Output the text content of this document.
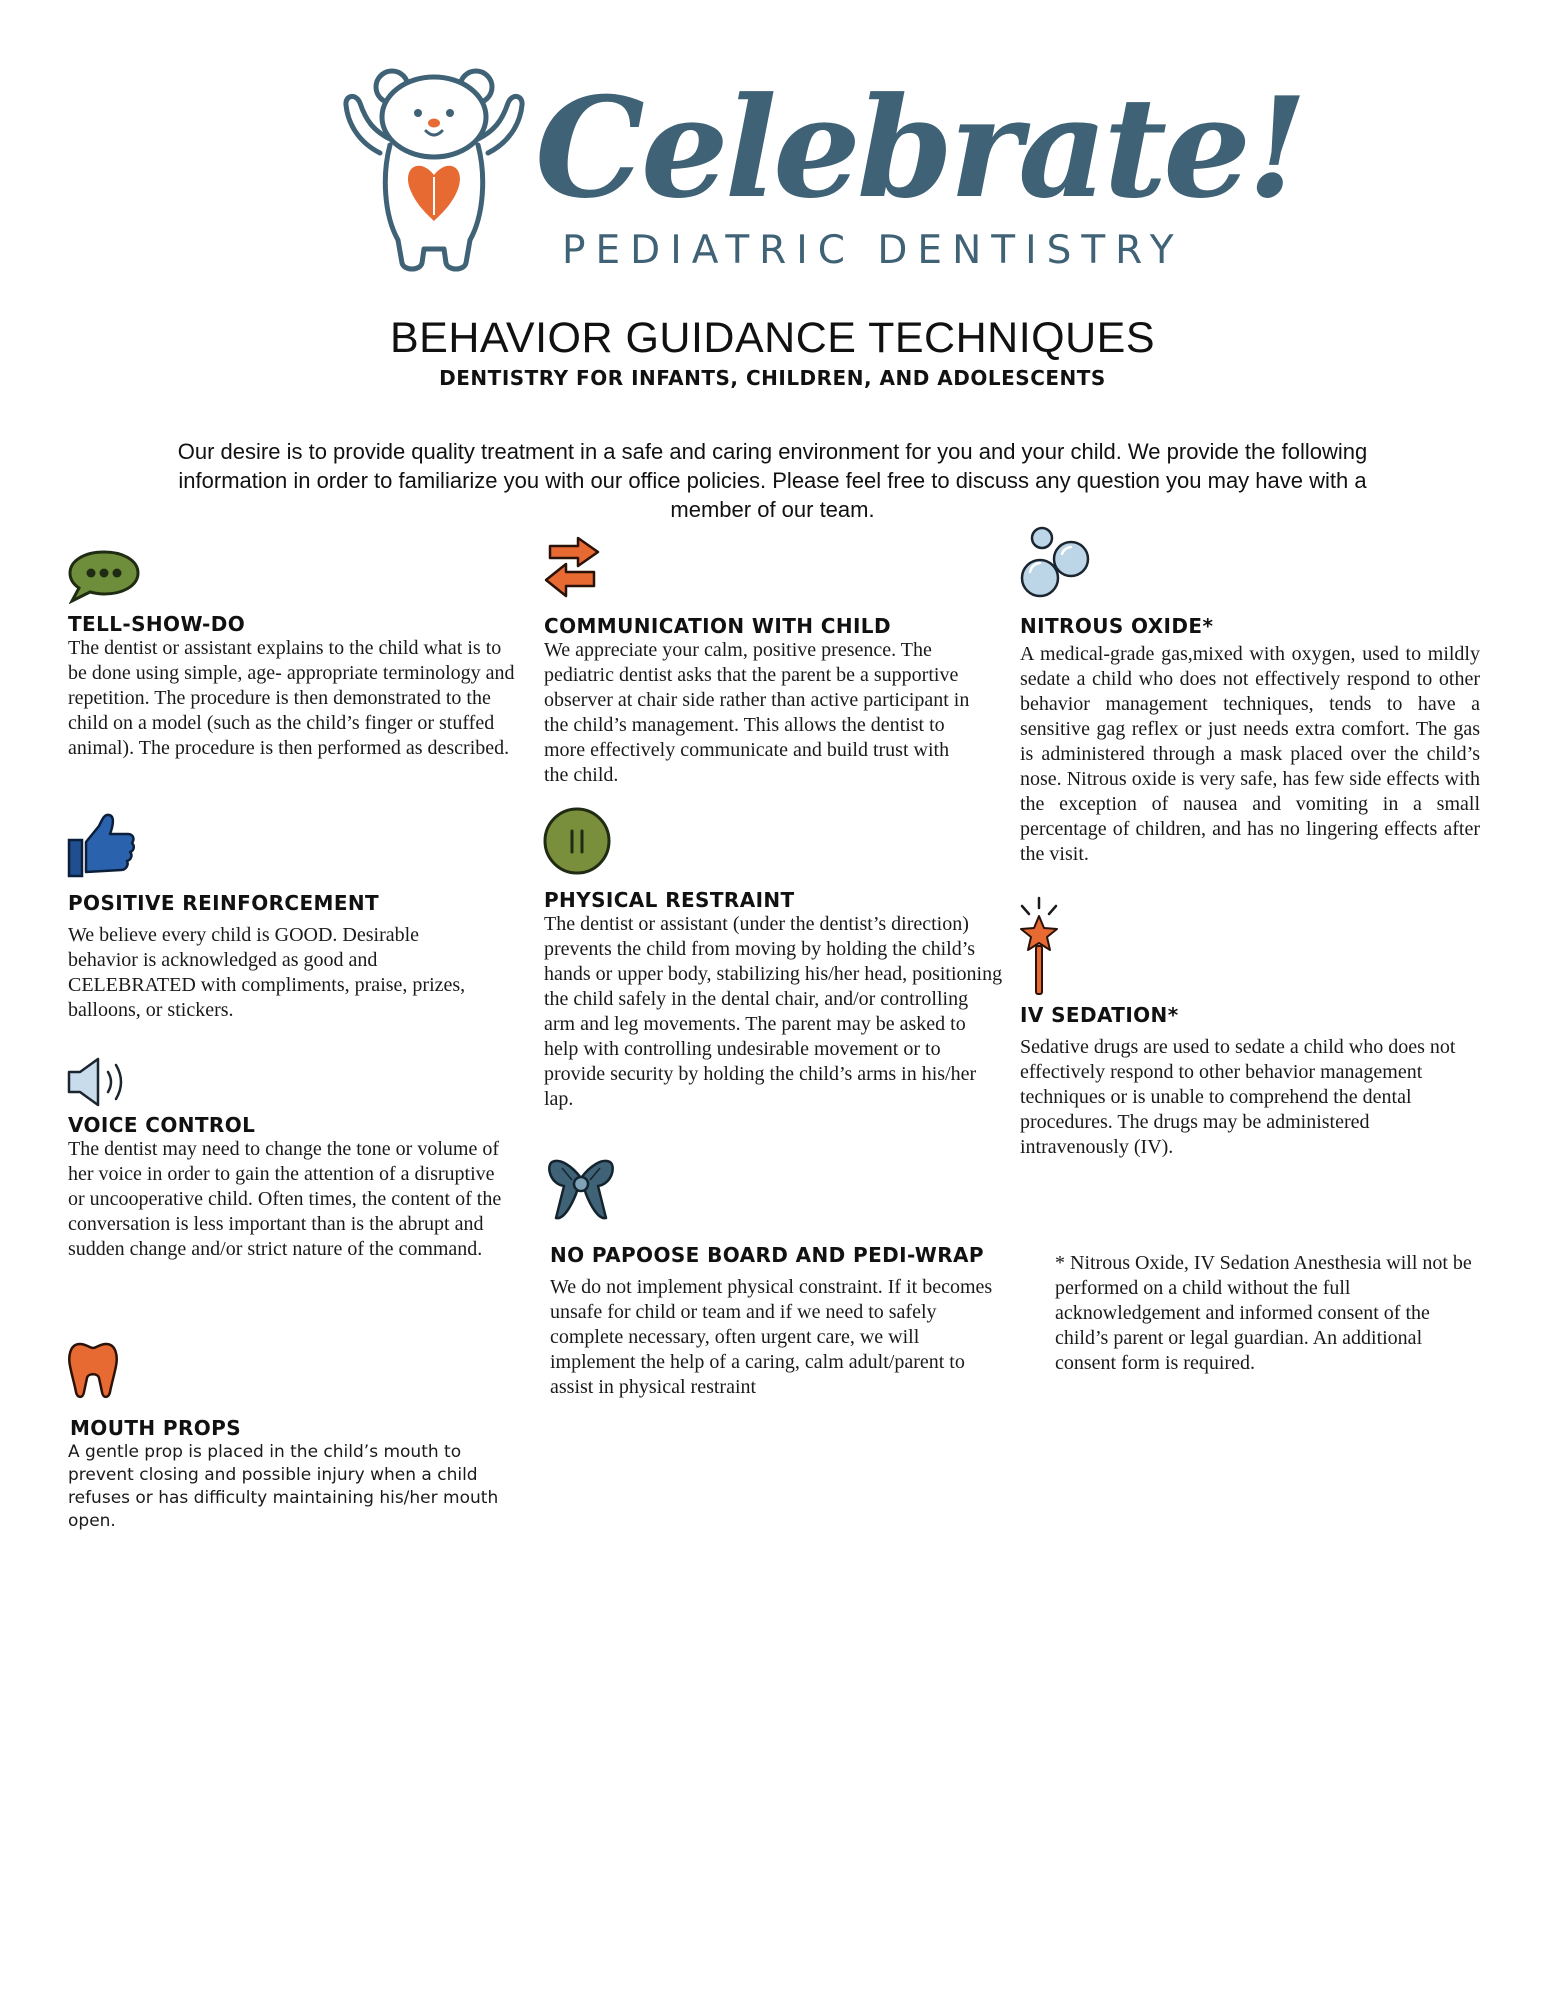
Celebrate!
PEDIATRIC DENTISTRY
BEHAVIOR GUIDANCE TECHNIQUES
DENTISTRY FOR INFANTS, CHILDREN, AND ADOLESCENTS
Our desire is to provide quality treatment in a safe and caring environment for you and your child. We provide the following information in order to familiarize you with our office policies. Please feel free to discuss any question you may have with a member of our team.
TELL-SHOW-DO
The dentist or assistant explains to the child what is to be done using simple, age- appropriate terminology and repetition. The procedure is then demonstrated to the child on a model (such as the child’s finger or stuffed animal). The procedure is then performed as described.
POSITIVE REINFORCEMENT
We believe every child is GOOD. Desirable behavior is acknowledged as good and CELEBRATED with compliments, praise, prizes, balloons, or stickers.
VOICE CONTROL
The dentist may need to change the tone or volume of her voice in order to gain the attention of a disruptive or uncooperative child. Often times, the content of the conversation is less important than is the abrupt and sudden change and/or strict nature of the command.
MOUTH PROPS
A gentle prop is placed in the child’s mouth to prevent closing and possible injury when a child refuses or has difficulty maintaining his/her mouth open.
COMMUNICATION WITH CHILD
We appreciate your calm, positive presence. The pediatric dentist asks that the parent be a supportive observer at chair side rather than active participant in the child’s management. This allows the dentist to more effectively communicate and build trust with the child.
PHYSICAL RESTRAINT
The dentist or assistant (under the dentist’s direction) prevents the child from moving by holding the child’s hands or upper body, stabilizing his/her head, positioning the child safely in the dental chair, and/or controlling arm and leg movements. The parent may be asked to help with controlling undesirable movement or to provide security by holding the child’s arms in his/her lap.
NO PAPOOSE BOARD AND PEDI-WRAP
We do not implement physical constraint. If it becomes unsafe for child or team and if we need to safely complete necessary, often urgent care, we will implement the help of a caring, calm adult/parent to assist in physical restraint
NITROUS OXIDE*
A medical-grade gas,mixed with oxygen, used to mildly sedate a child who does not effectively respond to other behavior management techniques, tends to have a sensitive gag reflex or just needs extra comfort. The gas is administered through a mask placed over the child’s nose. Nitrous oxide is very safe, has few side effects with the exception of nausea and vomiting in a small percentage of children, and has no lingering effects after the visit.
IV SEDATION*
Sedative drugs are used to sedate a child who does not effectively respond to other behavior management techniques or is unable to comprehend the dental procedures. The drugs may be administered intravenously (IV).
* Nitrous Oxide, IV Sedation Anesthesia will not be performed on a child without the full acknowledgement and informed consent of the child’s parent or legal guardian. An additional consent form is required.
